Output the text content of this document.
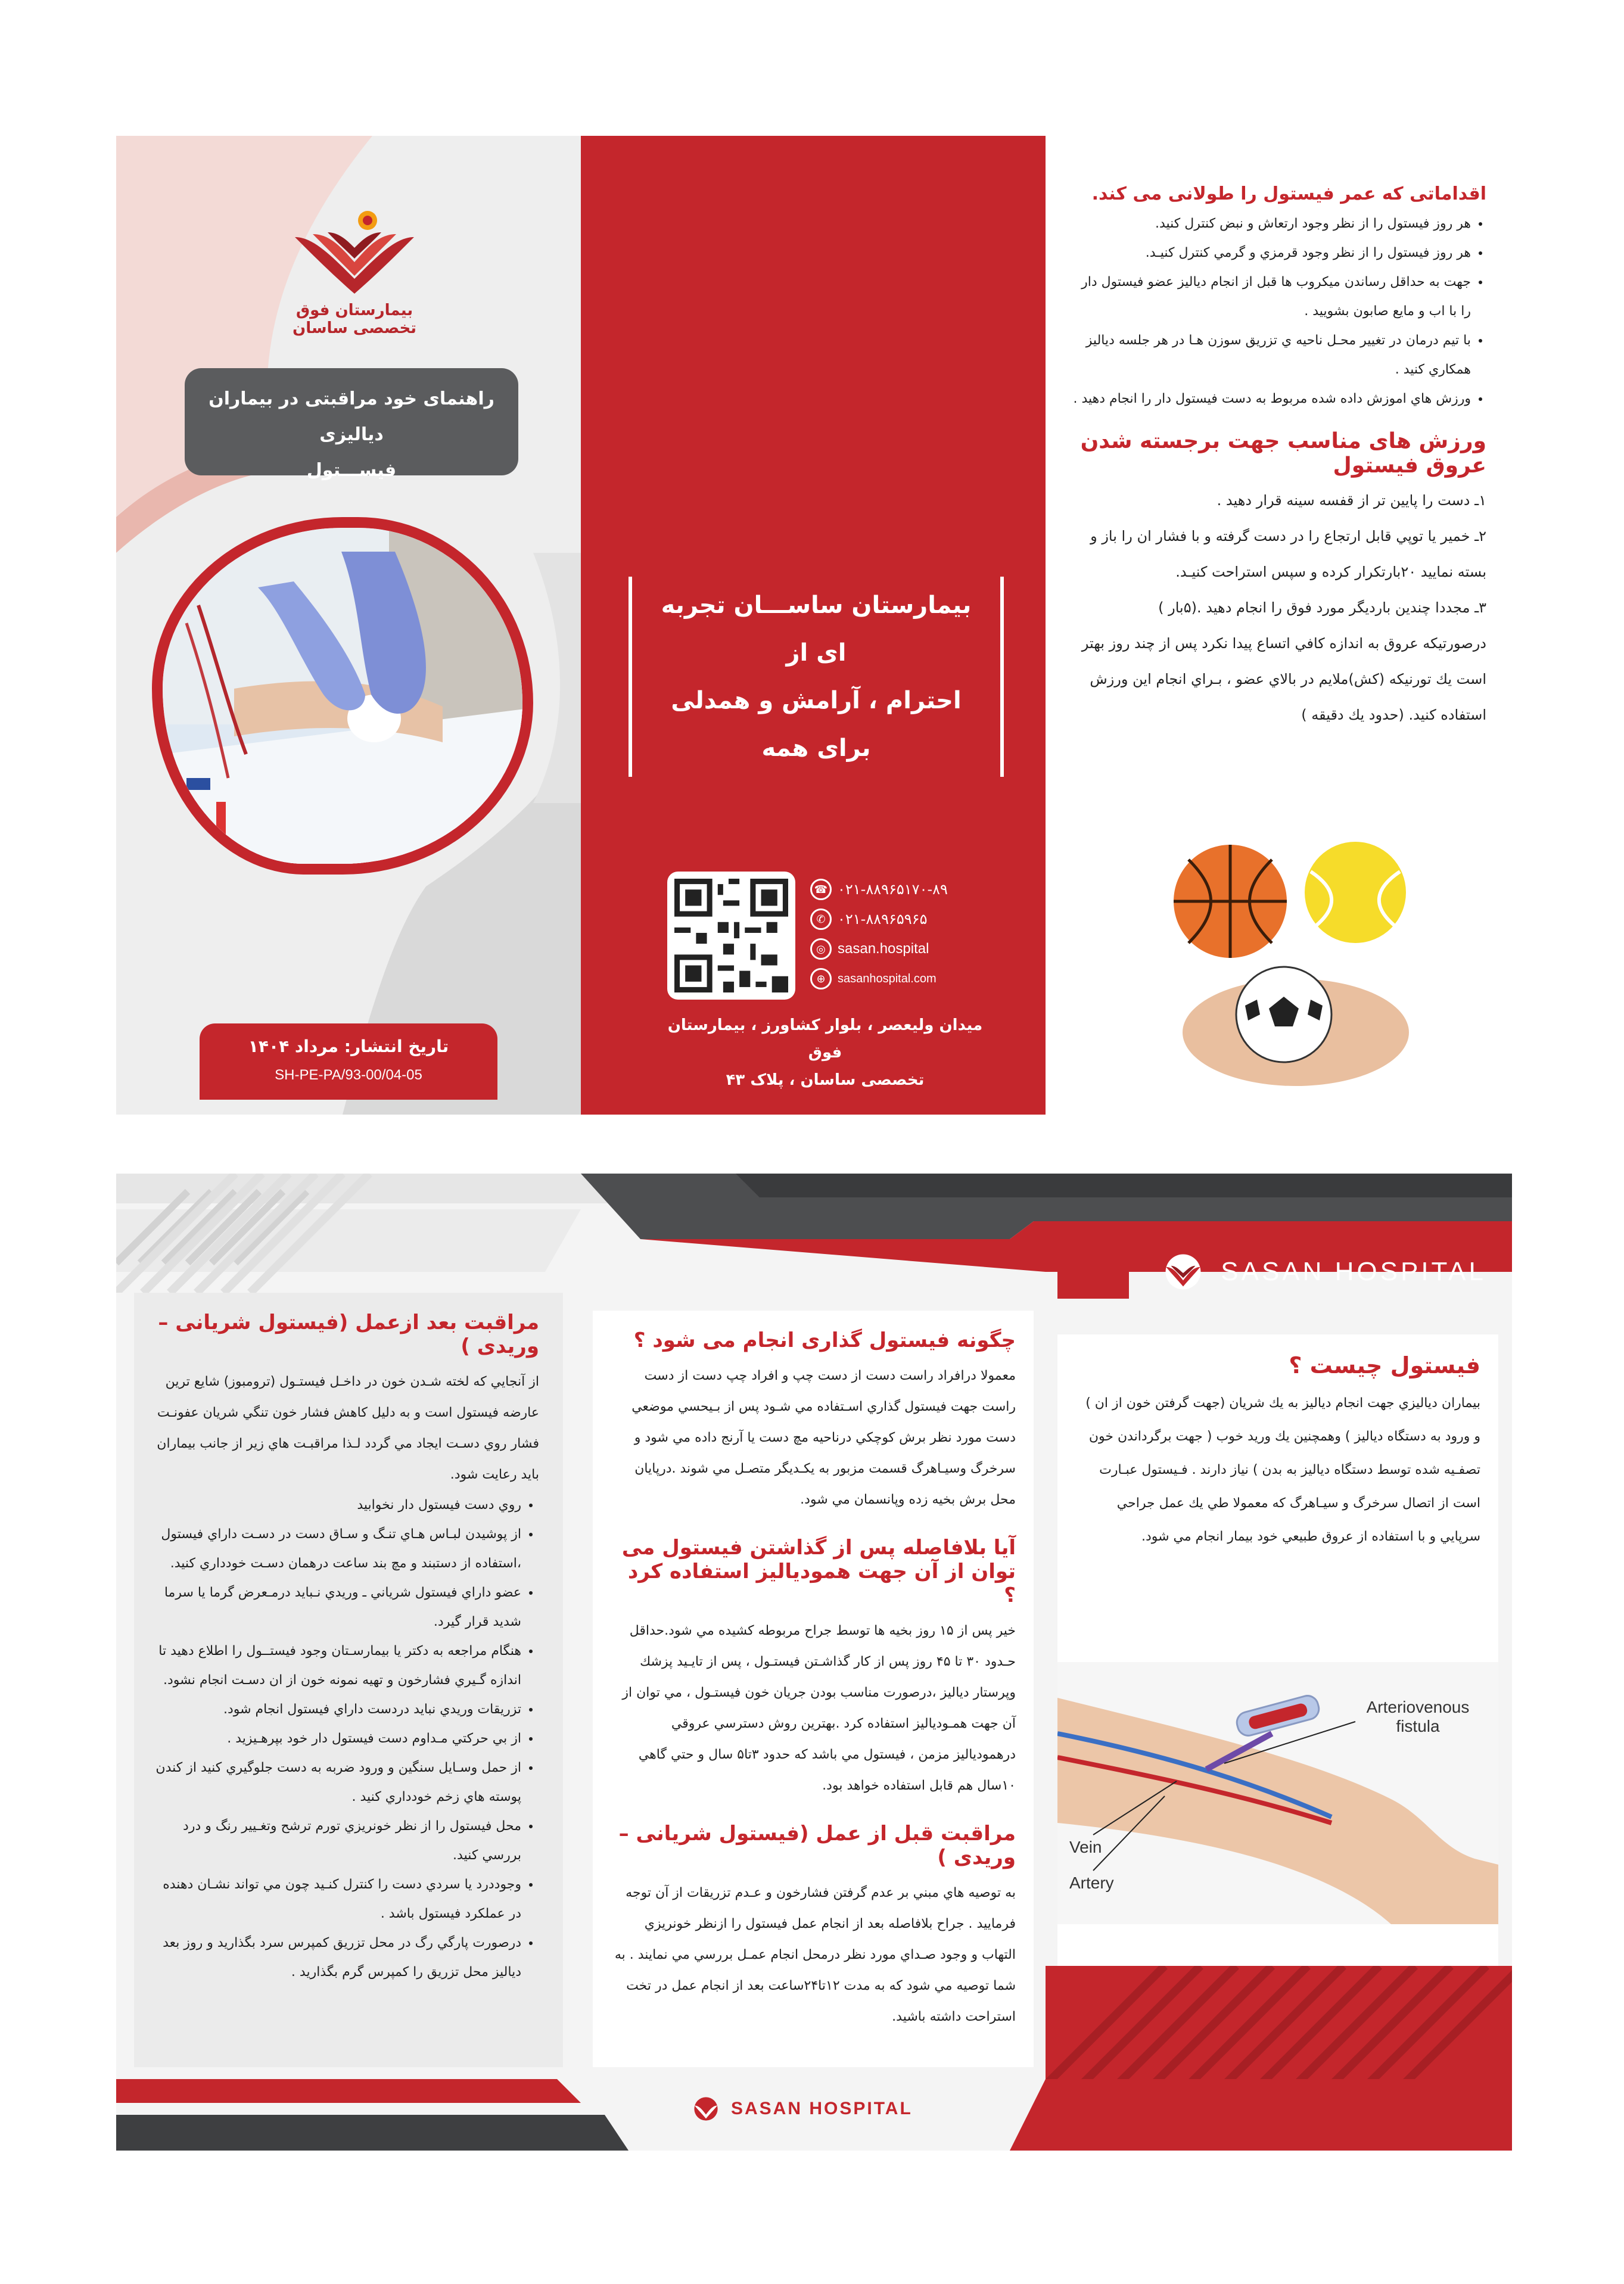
بیمارستان فوق تخصصی ساسان
راهنمای خود مراقبتی در بیماران دیالیزی
فیســـتول
تاریخ انتشار: مرداد ۱۴۰۴
SH-PE-PA/93-00/04-05
بیمارستان ساســـان تجربه ای از
احترام ، آرامش و همدلی برای همه
☎ ۰۲۱-۸۸۹۶۵۱۷۰-۸۹
✆ ۰۲۱-۸۸۹۶۵۹۶۵
◎ sasan.hospital
⊕	sasanhospital.com
میدان ولیعصر ، بلوار کشاورز ، بیمارستان فوق
تخصصی ساسان ، پلاک ۴۳
اقداماتی که عمر فیستول را طولانی می کند.
• هر روز فیستول را از نظر وجود ارتعاش و نبض کنترل کنید.
• هر روز فیستول را از نظر وجود قرمزي و گرمي کنترل کنیـد.
• جهت به حداقل رساندن میکروب ها قبل از انجام دیالیز عضو فیستول دار را با اب و مایع صابون بشویید .
• با تیم درمان در تغییر محـل ناحیه ي تزریق سوزن هـا در هر جلسه دیالیز همکاري کنید .
• ورزش هاي اموزش داده شده مربوط به دست فیستول دار را انجام دهید .
ورزش های مناسب جهت برجسته شدن عروق فیستول
۱ـ دست را پایین تر از قفسه سینه قرار دهید .
۲ـ خمیر یا توپي قابل ارتجاع را در دست گرفته و با فشار ان را باز و بسته نمایید ۲۰بارتکرار کرده و سپس استراحت کنیـد.
۳ـ مجددا چندین باردیگر مورد فوق را انجام دهید .(۵بار )
درصورتیکه عروق به اندازه کافي اتساع پیدا نکرد پس از چند روز بهتر است یك تورنیکه (کش)ملایم در بالاي عضو ، بـراي انجام این ورزش استفاده کنید. (حدود یك دقیقه )
SASAN HOSPITAL
مراقبت بعد ازعمل (فیستول شریانی –وریدی )
از آنجایي که لخته شـدن خون در داخـل فیستـول (ترومبوز) شایع ترین عارضه فیستول است و به دلیل کاهش فشار خون تنگي شریان عفونـت فشار روي دسـت ایجاد مي گردد لـذا مراقبـت هاي زیر از جانب بیماران باید رعایت شود.
• روي دست فیستول دار نخوابید
• از پوشیدن لبـاس هـاي تنـگ و سـاق دست در دسـت داراي فیستول ،استفاده از دستبند و مچ بند ساعت درهمان دسـت خودداري کنید.
• عضو داراي فیستول شریاني ـ وریدي نـباید درمـعرض گرما یا سرما شدید قرار گیرد.
• هنگام مراجعه به دکتر یا بیمارسـتان وجود فیستــول را اطلاع دهید تا اندازه گـیري فشارخون و تهیه نمونه خون از ان دسـت انجام نشود.
• تزریقات وریدي نباید دردست داراي فیستول انجام شود.
• از بي حرکتي مـداوم دست فیستول دار خود بپرهـیزید .
• از حمل وسـایل سنگین و ورود ضربه به دست جلوگیري کنید از کندن پوسته هاي زخم خودداري کنید .
• محل فیستول را از نظر خونریزي تورم ترشح وتغـییر رنگ و درد بررسي کنید.
• وجوددرد یا سردي دست را کنترل کنـید چون مي تواند نشـان دهنده در عملکرد فیستول باشد .
• درصورت پارگي رگ در محل تزریق کمپرس سرد بگذارید و روز بعد دیالیز محل تزریق را کمپرس گرم بگذارید .
چگونه فیستول گذاری انجام می شود ؟
معمولا درافراد راست دست از دست چپ و افراد چپ دست از دست راست جهت فیستول گذاري اسـتفاده مي شـود پس از بـیحسي موضعي دست مورد نظر برش کوچکي درناحیه مچ دست یا آرنج داده مي شود و سرخرگ وسیـاهرگ قسمت مزبور به یکـدیگر متصـل مي شوند .درپایان محل برش بخیه زده وپانسمان مي شود.
آیا بلافاصله پس از گذاشتن فیستول می توان از آن جهت همودیالیز استفاده کرد ؟
خیر پس از ۱۵ روز بخیه ها توسط جراح مربوطه کشیده مي شود.حداقل حـدود ۳۰ تا ۴۵ روز پس از کار گذاشـتن فیستـول ، پس از تایـید پزشك وپرستار دیالیز ،درصورت مناسب بودن جریان خون فیستـول ، مي توان از آن جهت همـودیالیز استفاده کرد .بهترین روش دسترسي عروقي درهمودیالیز مزمن ، فیستول مي باشد که حدود ۳تا۵ سال و حتي گاهي ۱۰سال هم قابل استفاده خواهد بود.
مراقبت قبل از عمل (فیستول شریانی –وریدی )
به توصیه هاي مبني بر عدم گرفتن فشارخون و عـدم تزریقات از آن توجه فرمایید . جراح بلافاصله بعد از انجام عمل فیستول را ازنظر خونریزي التهاب و وجود صـداي مورد نظر درمحل انجام عمـل بررسي مي نمایند . به شما توصیه مي شود که به مدت ۱۲تا۲۴ساعت بعد از انجام عمل در تخت استراحت داشته باشید.
فیستول چیست ؟
بیماران دیالیزي جهت انجام دیالیز به یك شریان (جهت گرفتن خون از ان ) و ورود به دستگاه دیالیز ) وهمچنین یك ورید خوب ( جهت برگرداندن خون تصفـیه شده توسط دستگاه دیالیز به بدن ) نیاز دارند . فـیستول عبـارت است از اتصال سرخرگ و سیـاهرگ که معمولا طي یك عمل جراحي سرپایي و با استفاده از عروق طبیعي خود بیمار انجام مي شود.
Arteriovenous fistula
Vein
Artery
SASAN HOSPITAL
